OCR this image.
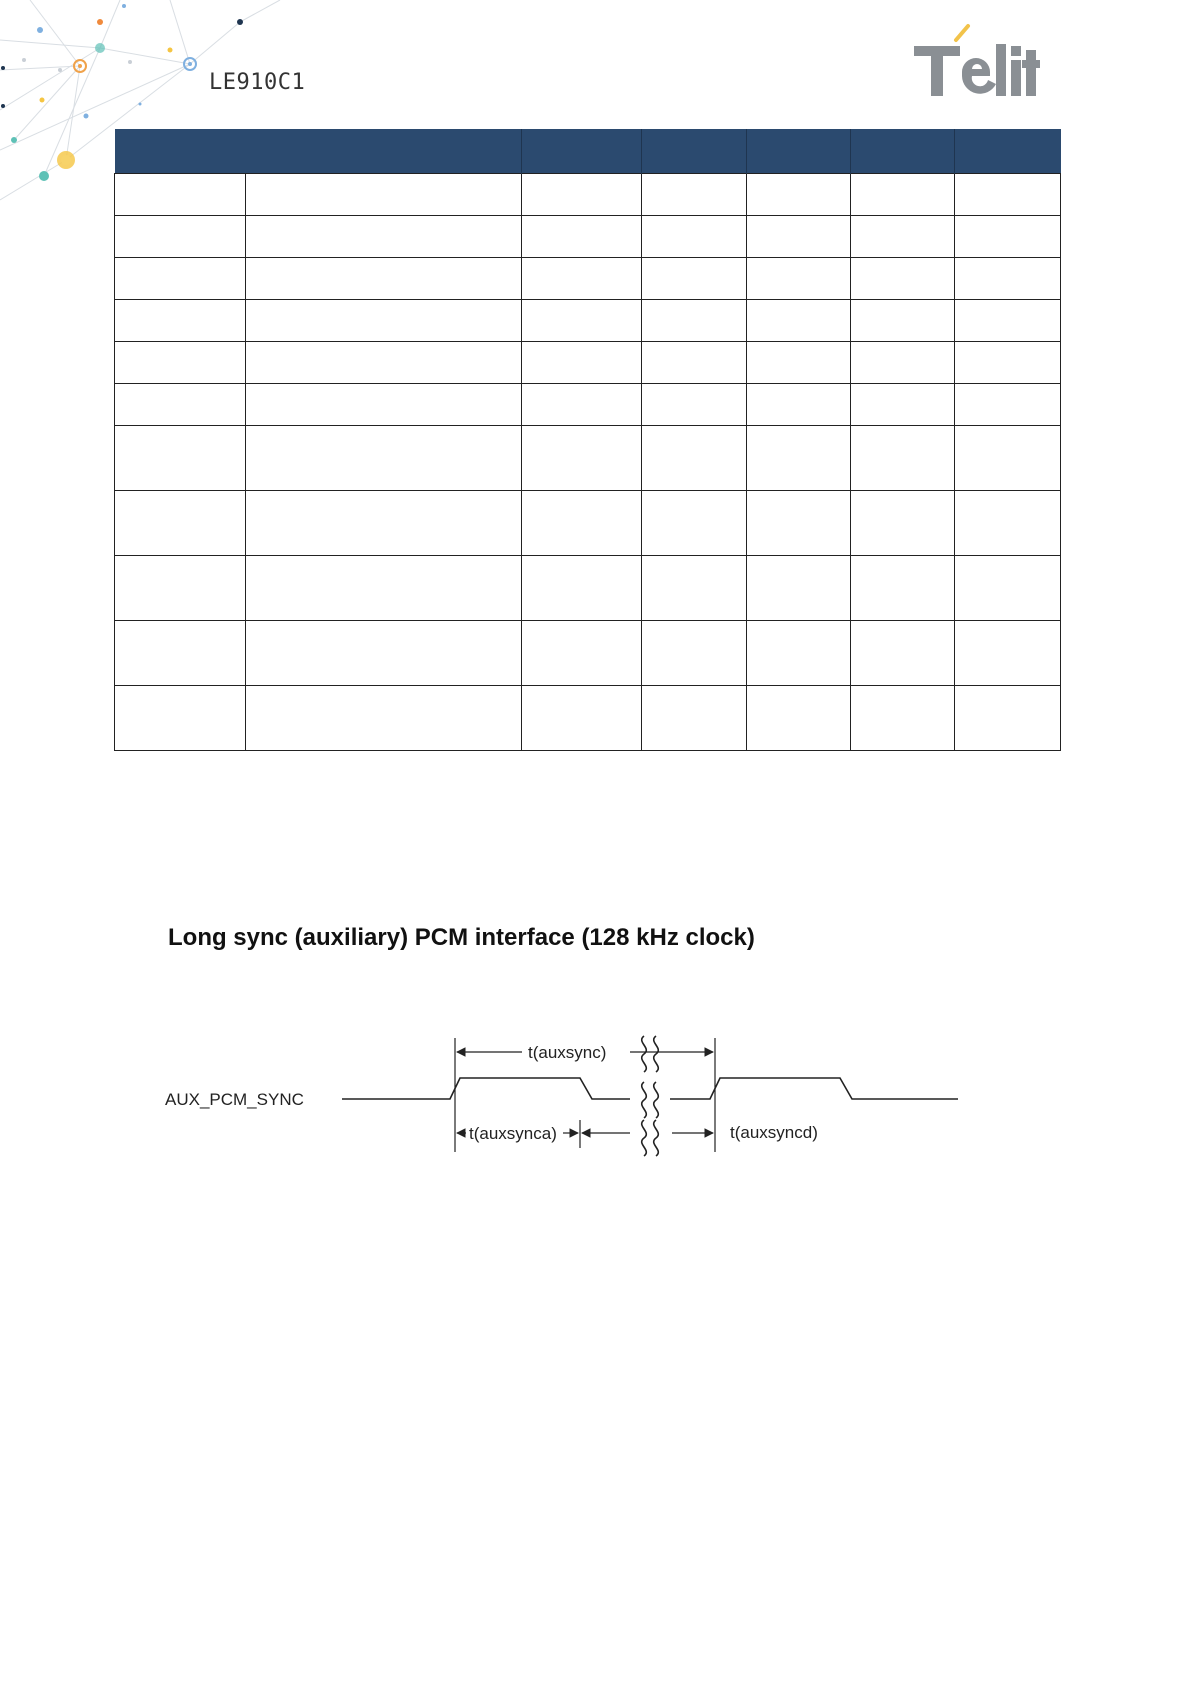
LE910C1

Long sync (auxiliary) PCM interface (128 kHz clock)
AUX_PCM_SYNC
t(auxsync)
t(auxsynca)	t(auxsyncd)
